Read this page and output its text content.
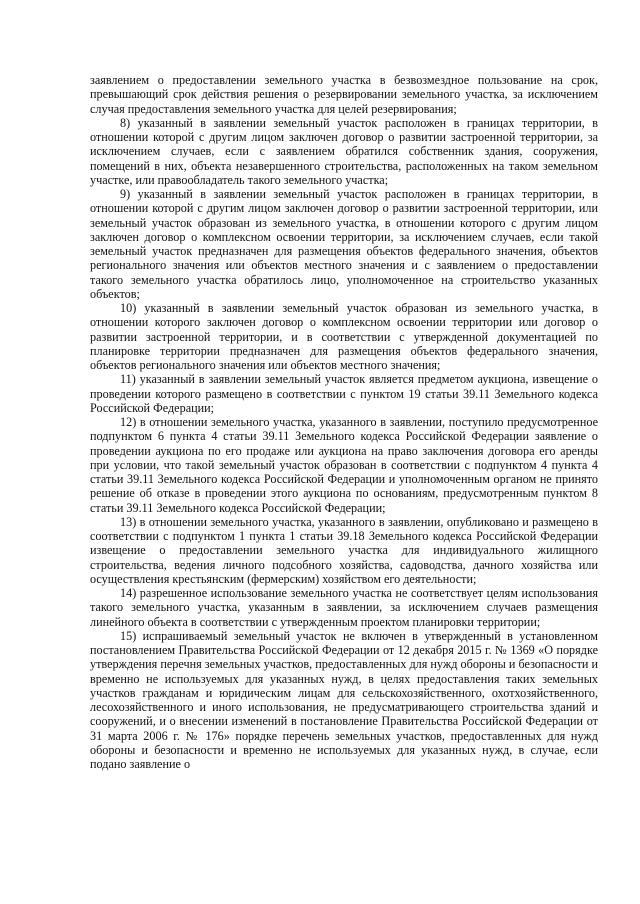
заявлением о предоставлении земельного участка в безвозмездное пользование на срок, превышающий срок действия решения о резервировании земельного участка, за исключением случая предоставления земельного участка для целей резервирования;

8) указанный в заявлении земельный участок расположен в границах территории, в отношении которой с другим лицом заключен договор о развитии застроенной территории, за исключением случаев, если с заявлением обратился собственник здания, сооружения, помещений в них, объекта незавершенного строительства, расположенных на таком земельном участке, или правообладатель такого земельного участка;

9) указанный в заявлении земельный участок расположен в границах территории, в отношении которой с другим лицом заключен договор о развитии застроенной территории, или земельный участок образован из земельного участка, в отношении которого с другим лицом заключен договор о комплексном освоении территории, за исключением случаев, если такой земельный участок предназначен для размещения объектов федерального значения, объектов регионального значения или объектов местного значения и с заявлением о предоставлении такого земельного участка обратилось лицо, уполномоченное на строительство указанных объектов;

10) указанный в заявлении земельный участок образован из земельного участка, в отношении которого заключен договор о комплексном освоении территории или договор о развитии застроенной территории, и в соответствии с утвержденной документацией по планировке территории предназначен для размещения объектов федерального значения, объектов регионального значения или объектов местного значения;

11) указанный в заявлении земельный участок является предметом аукциона, извещение о проведении которого размещено в соответствии с пунктом 19 статьи 39.11 Земельного кодекса Российской Федерации;

12) в отношении земельного участка, указанного в заявлении, поступило предусмотренное подпунктом 6 пункта 4 статьи 39.11 Земельного кодекса Российской Федерации заявление о проведении аукциона по его продаже или аукциона на право заключения договора его аренды при условии, что такой земельный участок образован в соответствии с подпунктом 4 пункта 4 статьи 39.11 Земельного кодекса Российской Федерации и уполномоченным органом не принято решение об отказе в проведении этого аукциона по основаниям, предусмотренным пунктом 8 статьи 39.11 Земельного кодекса Российской Федерации;

13) в отношении земельного участка, указанного в заявлении, опубликовано и размещено в соответствии с подпунктом 1 пункта 1 статьи 39.18 Земельного кодекса Российской Федерации извещение о предоставлении земельного участка для индивидуального жилищного строительства, ведения личного подсобного хозяйства, садоводства, дачного хозяйства или осуществления крестьянским (фермерским) хозяйством его деятельности;

14) разрешенное использование земельного участка не соответствует целям использования такого земельного участка, указанным в заявлении, за исключением случаев размещения линейного объекта в соответствии с утвержденным проектом планировки территории;

15) испрашиваемый земельный участок не включен в утвержденный в установленном постановлением Правительства Российской Федерации от 12 декабря 2015 г. № 1369 «О порядке утверждения перечня земельных участков, предоставленных для нужд обороны и безопасности и временно не используемых для указанных нужд, в целях предоставления таких земельных участков гражданам и юридическим лицам для сельскохозяйственного, охотхозяйственного, лесохозяйственного и иного использования, не предусматривающего строительства зданий и сооружений, и о внесении изменений в постановление Правительства Российской Федерации от 31 марта 2006 г. № 176» порядке перечень земельных участков, предоставленных для нужд обороны и безопасности и временно не используемых для указанных нужд, в случае, если подано заявление о
